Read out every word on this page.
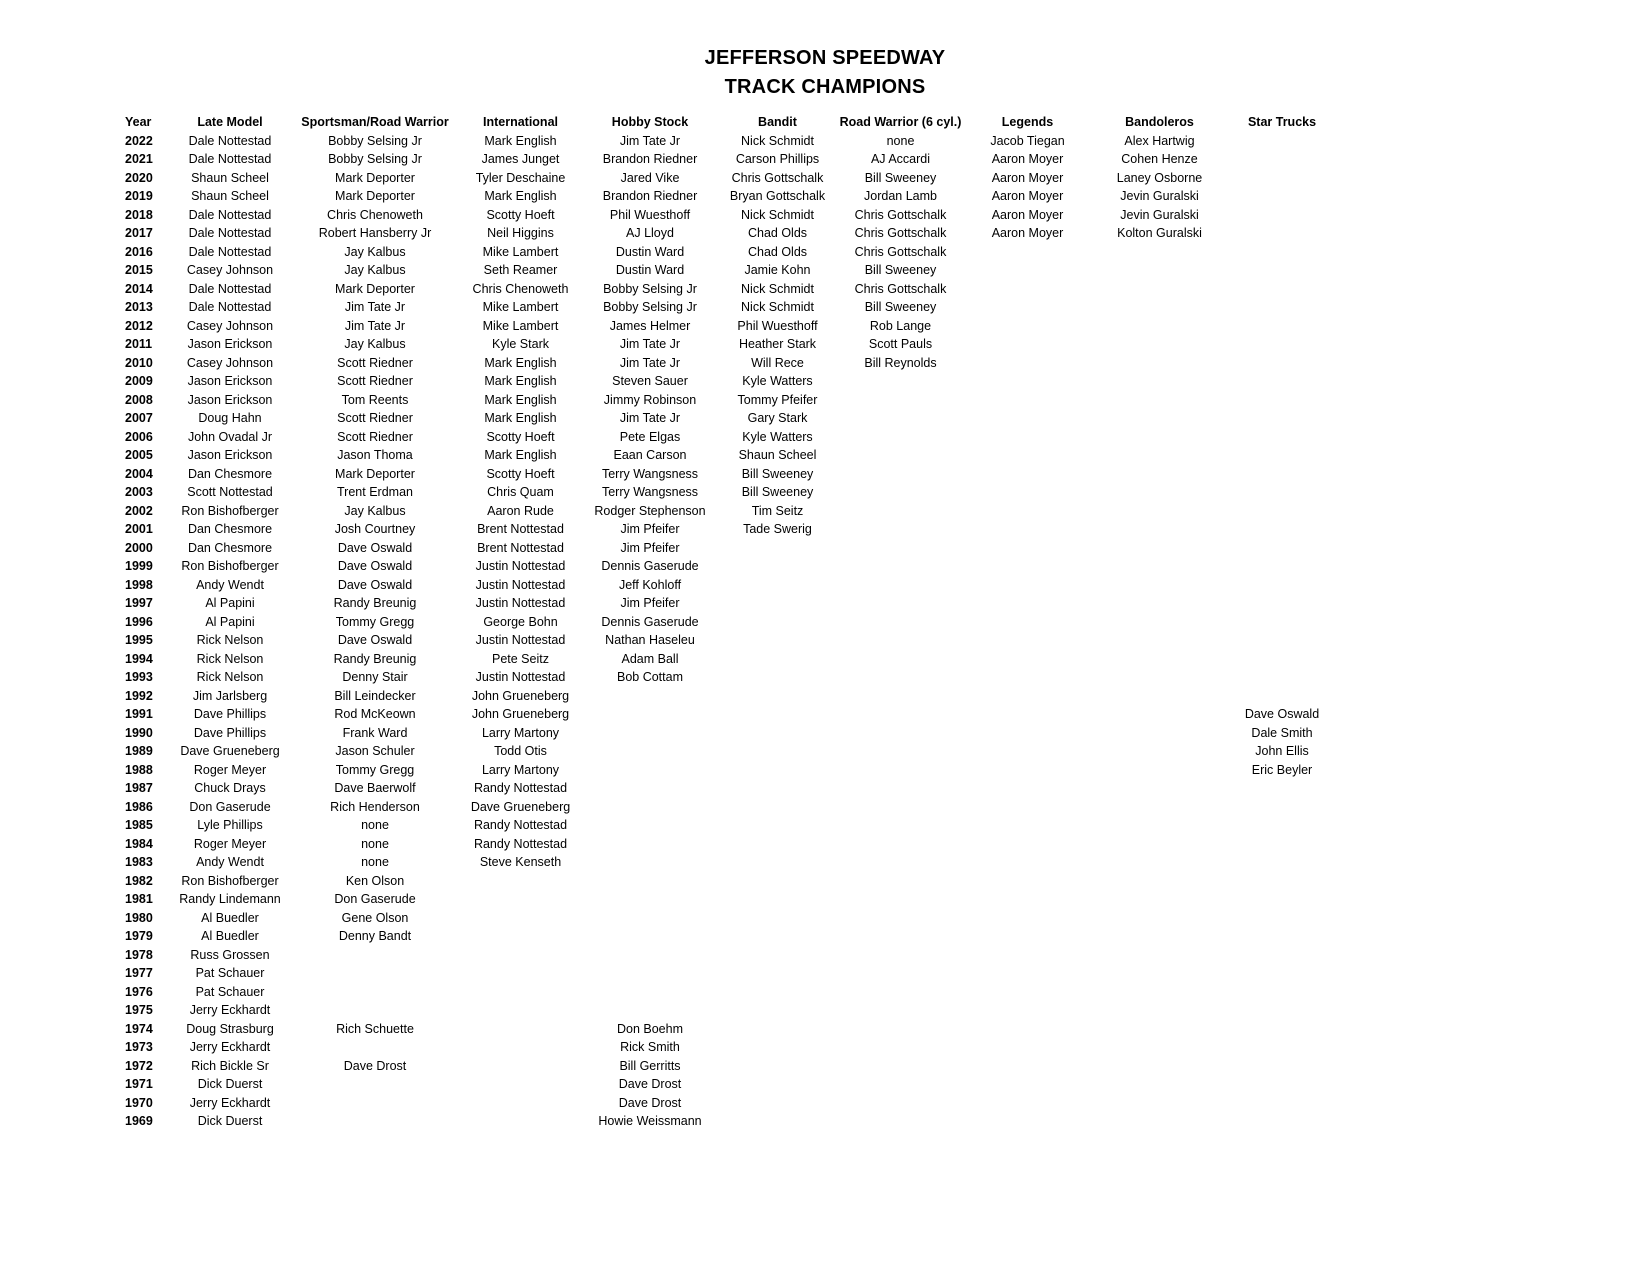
JEFFERSON SPEEDWAY

TRACK CHAMPIONS

Year	Late Model	Sportsman/Road Warrior	International	Hobby Stock	Bandit	Road Warrior (6 cyl.)	Legends	Bandoleros	Star Trucks
2022	Dale Nottestad	Bobby Selsing Jr	Mark English	Jim Tate Jr	Nick Schmidt	none	Jacob Tiegan	Alex Hartwig	
2021	Dale Nottestad	Bobby Selsing Jr	James Junget	Brandon Riedner	Carson Phillips	AJ Accardi	Aaron Moyer	Cohen Henze	
2020	Shaun Scheel	Mark Deporter	Tyler Deschaine	Jared Vike	Chris Gottschalk	Bill Sweeney	Aaron Moyer	Laney Osborne	
2019	Shaun Scheel	Mark Deporter	Mark English	Brandon Riedner	Bryan Gottschalk	Jordan Lamb	Aaron Moyer	Jevin Guralski	
2018	Dale Nottestad	Chris Chenoweth	Scotty Hoeft	Phil Wuesthoff	Nick Schmidt	Chris Gottschalk	Aaron Moyer	Jevin Guralski	
2017	Dale Nottestad	Robert Hansberry Jr	Neil Higgins	AJ Lloyd	Chad Olds	Chris Gottschalk	Aaron Moyer	Kolton Guralski	
2016	Dale Nottestad	Jay Kalbus	Mike Lambert	Dustin Ward	Chad Olds	Chris Gottschalk			
2015	Casey Johnson	Jay Kalbus	Seth Reamer	Dustin Ward	Jamie Kohn	Bill Sweeney			
2014	Dale Nottestad	Mark Deporter	Chris Chenoweth	Bobby Selsing Jr	Nick Schmidt	Chris Gottschalk			
2013	Dale Nottestad	Jim Tate Jr	Mike Lambert	Bobby Selsing Jr	Nick Schmidt	Bill Sweeney			
2012	Casey Johnson	Jim Tate Jr	Mike Lambert	James Helmer	Phil Wuesthoff	Rob Lange			
2011	Jason Erickson	Jay Kalbus	Kyle Stark	Jim Tate Jr	Heather Stark	Scott Pauls			
2010	Casey Johnson	Scott Riedner	Mark English	Jim Tate Jr	Will Rece	Bill Reynolds			
2009	Jason Erickson	Scott Riedner	Mark English	Steven Sauer	Kyle Watters				
2008	Jason Erickson	Tom Reents	Mark English	Jimmy Robinson	Tommy Pfeifer				
2007	Doug Hahn	Scott Riedner	Mark English	Jim Tate Jr	Gary Stark				
2006	John Ovadal Jr	Scott Riedner	Scotty Hoeft	Pete Elgas	Kyle Watters				
2005	Jason Erickson	Jason Thoma	Mark English	Eaan Carson	Shaun Scheel				
2004	Dan Chesmore	Mark Deporter	Scotty Hoeft	Terry Wangsness	Bill Sweeney				
2003	Scott Nottestad	Trent Erdman	Chris Quam	Terry Wangsness	Bill Sweeney				
2002	Ron Bishofberger	Jay Kalbus	Aaron Rude	Rodger Stephenson	Tim Seitz				
2001	Dan Chesmore	Josh Courtney	Brent Nottestad	Jim Pfeifer	Tade Swerig				
2000	Dan Chesmore	Dave Oswald	Brent Nottestad	Jim Pfeifer					
1999	Ron Bishofberger	Dave Oswald	Justin Nottestad	Dennis Gaserude					
1998	Andy Wendt	Dave Oswald	Justin Nottestad	Jeff Kohloff					
1997	Al Papini	Randy Breunig	Justin Nottestad	Jim Pfeifer					
1996	Al Papini	Tommy Gregg	George Bohn	Dennis Gaserude					
1995	Rick Nelson	Dave Oswald	Justin Nottestad	Nathan Haseleu					
1994	Rick Nelson	Randy Breunig	Pete Seitz	Adam Ball					
1993	Rick Nelson	Denny Stair	Justin Nottestad	Bob Cottam					
1992	Jim Jarlsberg	Bill Leindecker	John Grueneberg						
1991	Dave Phillips	Rod McKeown	John Grueneberg						Dave Oswald
1990	Dave Phillips	Frank Ward	Larry Martony						Dale Smith
1989	Dave Grueneberg	Jason Schuler	Todd Otis						John Ellis
1988	Roger Meyer	Tommy Gregg	Larry Martony						Eric Beyler
1987	Chuck Drays	Dave Baerwolf	Randy Nottestad						
1986	Don Gaserude	Rich Henderson	Dave Grueneberg						
1985	Lyle Phillips	none	Randy Nottestad						
1984	Roger Meyer	none	Randy Nottestad						
1983	Andy Wendt	none	Steve Kenseth						
1982	Ron Bishofberger	Ken Olson							
1981	Randy Lindemann	Don Gaserude							
1980	Al Buedler	Gene Olson							
1979	Al Buedler	Denny Bandt							
1978	Russ Grossen								
1977	Pat Schauer								
1976	Pat Schauer								
1975	Jerry Eckhardt								
1974	Doug Strasburg	Rich Schuette		Don Boehm					
1973	Jerry Eckhardt			Rick Smith					
1972	Rich Bickle Sr	Dave Drost		Bill Gerritts					
1971	Dick Duerst			Dave Drost					
1970	Jerry Eckhardt			Dave Drost					
1969	Dick Duerst			Howie Weissmann					
